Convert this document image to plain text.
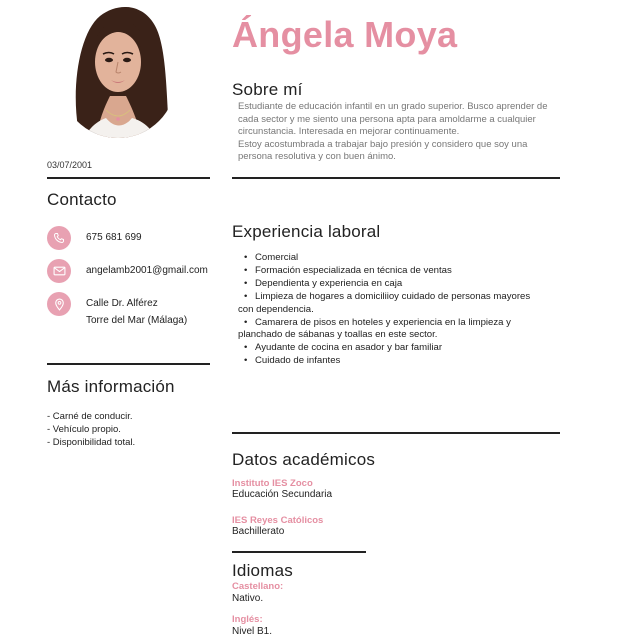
03/07/2001
Contacto
675 681 699
angelamb2001@gmail.com
Calle Dr. Alférez
Torre del Mar (Málaga)
Más información
- Carné de conducir.
- Vehículo propio.
- Disponibilidad total.
Ángela Moya
Sobre mí

Estudiante de educación infantil en un grado superior. Busco aprender de cada sector y me siento una persona apta para amoldarme a cualquier circunstancia. Interesada en mejorar continuamente.

Estoy acostumbrada a trabajar bajo presión y considero que soy una persona resolutiva y con buen ánimo.

Experiencia laboral
• Comercial
• Formación especializada en técnica de ventas
• Dependienta y experiencia en caja
• Limpieza de hogares a domiciliioy cuidado de personas mayores
con dependencia.
• Camarera de pisos en hoteles y experiencia en la limpieza y
planchado de sábanas y toallas en este sector.
• Ayudante de cocina en asador y bar familiar
• Cuidado de infantes
Datos académicos
Instituto IES Zoco
Educación Secundaria
IES Reyes Católicos
Bachillerato
Idiomas
Castellano:
Nativo.
Inglés:
Nivel B1.
